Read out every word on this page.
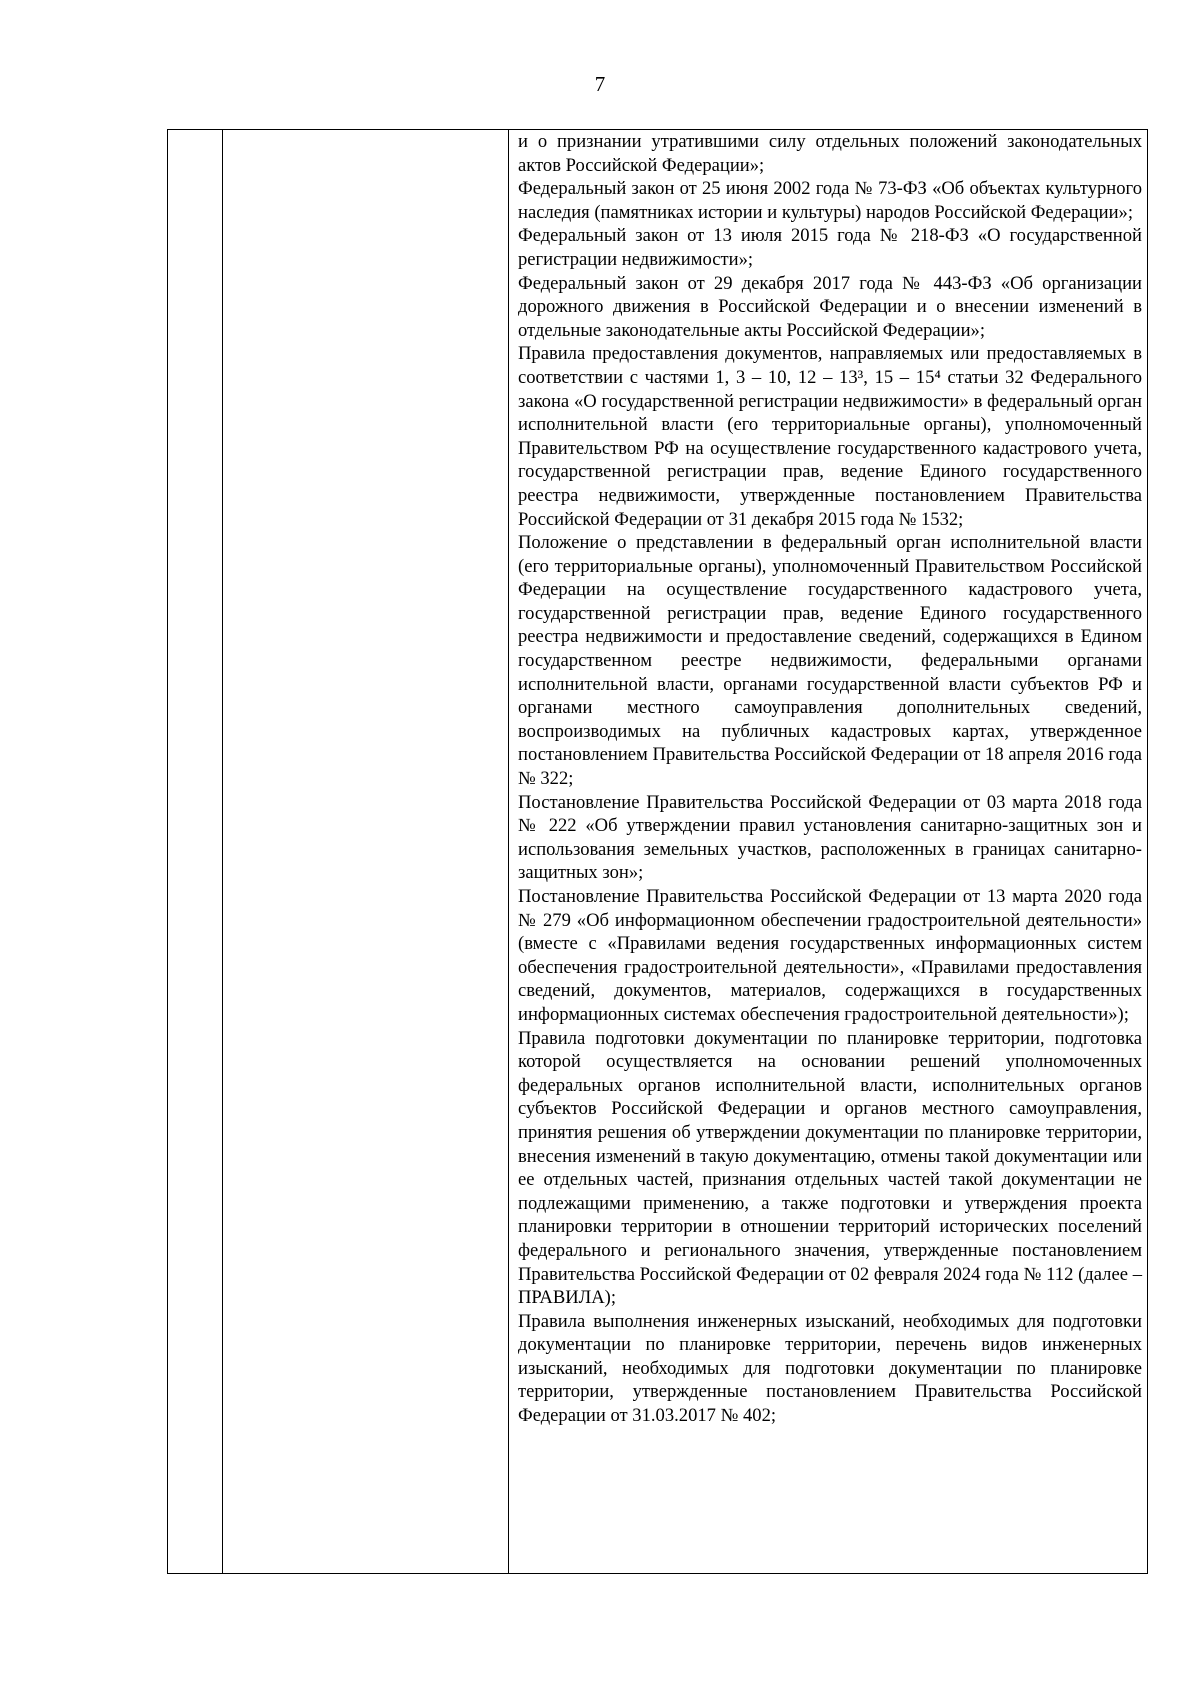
7

и о признании утратившими силу отдельных положений законодательных актов Российской Федерации»;

Федеральный закон от 25 июня 2002 года № 73-ФЗ «Об объектах культурного наследия (памятниках истории и культуры) народов Российской Федерации»;

Федеральный закон от 13 июля 2015 года № 218-ФЗ «О государственной регистрации недвижимости»;

Федеральный закон от 29 декабря 2017 года № 443-ФЗ «Об организации дорожного движения в Российской Федерации и о внесении изменений в отдельные законодательные акты Российской Федерации»;

Правила предоставления документов, направляемых или предоставляемых в соответствии с частями 1, 3 – 10, 12 – 13³, 15 – 15⁴ статьи 32 Федерального закона «О государственной регистрации недвижимости» в федеральный орган исполнительной власти (его территориальные органы), уполномоченный Правительством РФ на осуществление государственного кадастрового учета, государственной регистрации прав, ведение Единого государственного реестра недвижимости, утвержденные постановлением Правительства Российской Федерации от 31 декабря 2015 года № 1532;

Положение о представлении в федеральный орган исполнительной власти (его территориальные органы), уполномоченный Правительством Российской Федерации на осуществление государственного кадастрового учета, государственной регистрации прав, ведение Единого государственного реестра недвижимости и предоставление сведений, содержащихся в Едином государственном реестре недвижимости, федеральными органами исполнительной власти, органами государственной власти субъектов РФ и органами местного самоуправления дополнительных сведений, воспроизводимых на публичных кадастровых картах, утвержденное постановлением Правительства Российской Федерации от 18 апреля 2016 года № 322;

Постановление Правительства Российской Федерации от 03 марта 2018 года № 222 «Об утверждении правил установления санитарно-защитных зон и использования земельных участков, расположенных в границах санитарно-защитных зон»;

Постановление Правительства Российской Федерации от 13 марта 2020 года № 279 «Об информационном обеспечении градостроительной деятельности» (вместе с «Правилами ведения государственных информационных систем обеспечения градостроительной деятельности», «Правилами предоставления сведений, документов, материалов, содержащихся в государственных информационных системах обеспечения градостроительной деятельности»);

Правила подготовки документации по планировке территории, подготовка которой осуществляется на основании решений уполномоченных федеральных органов исполнительной власти, исполнительных органов субъектов Российской Федерации и органов местного самоуправления, принятия решения об утверждении документации по планировке территории, внесения изменений в такую документацию, отмены такой документации или ее отдельных частей, признания отдельных частей такой документации не подлежащими применению, а также подготовки и утверждения проекта планировки территории в отношении территорий исторических поселений федерального и регионального значения, утвержденные постановлением Правительства Российской Федерации от 02 февраля 2024 года № 112 (далее – ПРАВИЛА);

Правила выполнения инженерных изысканий, необходимых для подготовки документации по планировке территории, перечень видов инженерных изысканий, необходимых для подготовки документации по планировке территории, утвержденные постановлением Правительства Российской Федерации от 31.03.2017 № 402;
